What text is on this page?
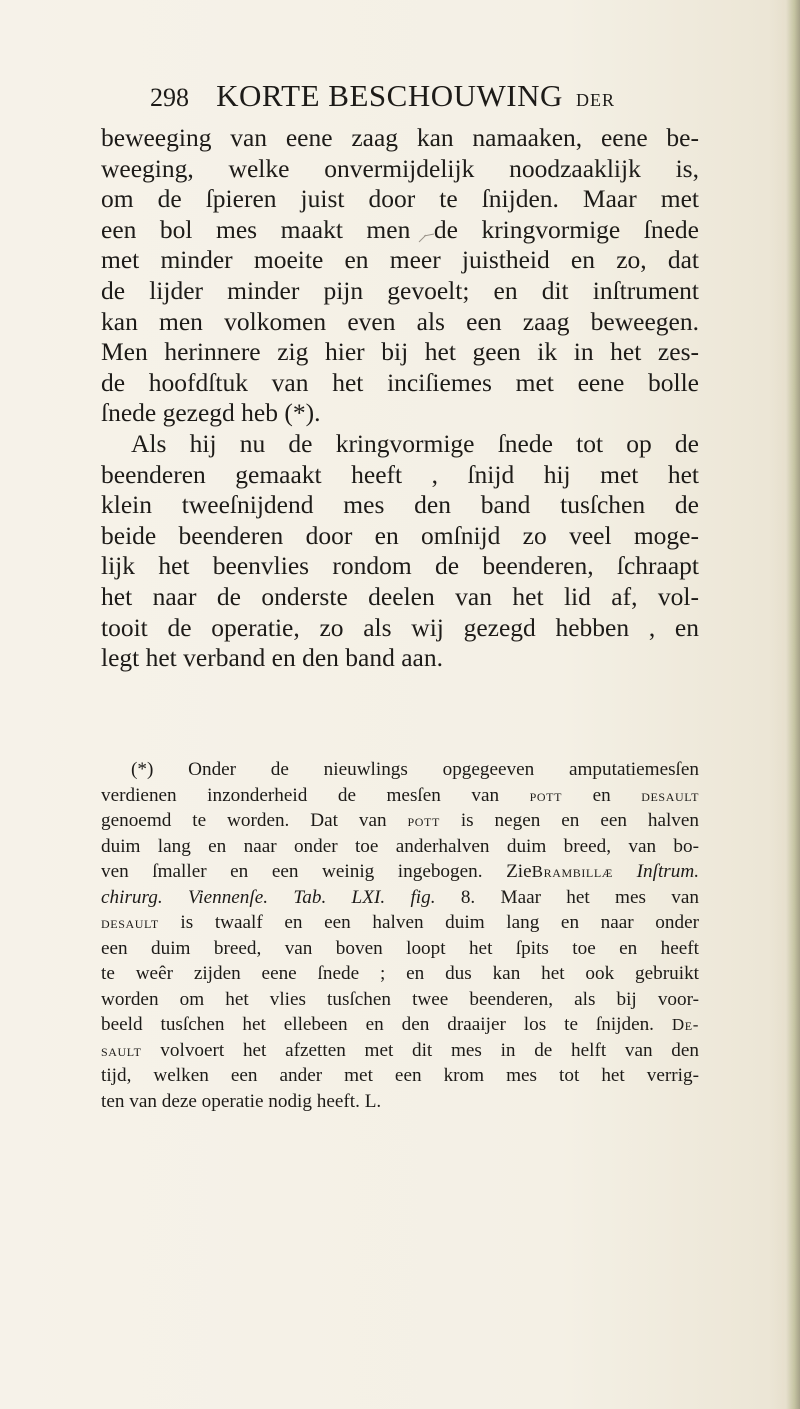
298 KORTE BESCHOUWING DER
beweeging van eene zaag kan namaaken, eene be-
weeging, welke onvermijdelijk noodzaaklijk is,
om de ſpieren juist door te ſnijden. Maar met
een bol mes maakt men de kringvormige ſnede
met minder moeite en meer juistheid en zo, dat
de lijder minder pijn gevoelt; en dit inſtrument
kan men volkomen even als een zaag beweegen.
Men herinnere zig hier bij het geen ik in het zes-
de hoofdſtuk van het inciſiemes met eene bolle
ſnede gezegd heb (*).
Als hij nu de kringvormige ſnede tot op de
beenderen gemaakt heeft , ſnijd hij met het
klein tweeſnijdend mes den band tusſchen de
beide beenderen door en omſnijd zo veel moge-
lijk het beenvlies rondom de beenderen, ſchraapt
het naar de onderste deelen van het lid af, vol-
tooit de operatie, zo als wij gezegd hebben , en
legt het verband en den band aan.
(*) Onder de nieuwlings opgegeeven amputatiemesſen
verdienen inzonderheid de mesſen van pott en desault
genoemd te worden. Dat van pott is negen en een halven
duim lang en naar onder toe anderhalven duim breed, van bo-
ven ſmaller en een weinig ingebogen. ZieBrambillæ Inſtrum.
chirurg. Viennenſe. Tab. LXI. fig. 8. Maar het mes van
desault is twaalf en een halven duim lang en naar onder
een duim breed, van boven loopt het ſpits toe en heeft
te weêr zijden eene ſnede ; en dus kan het ook gebruikt
worden om het vlies tusſchen twee beenderen, als bij voor-
beeld tusſchen het ellebeen en den draaijer los te ſnijden. De-
sault volvoert het afzetten met dit mes in de helft van den
tijd, welken een ander met een krom mes tot het verrig-
ten van deze operatie nodig heeft. L.
